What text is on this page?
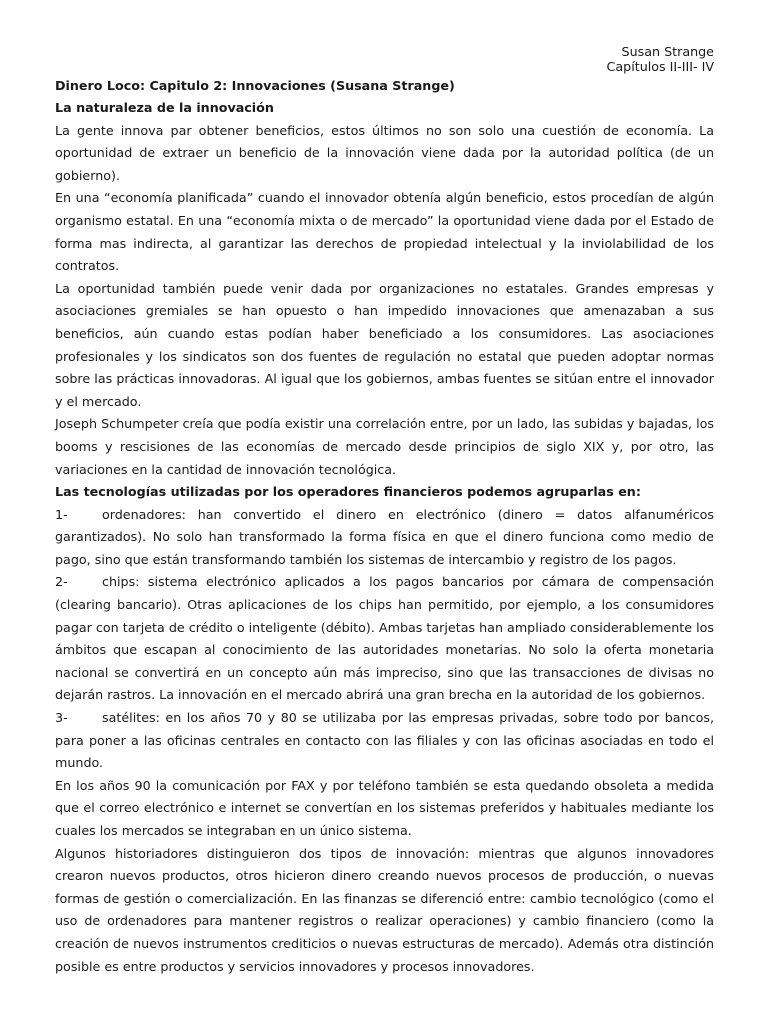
Susan Strange
Capítulos II-III- IV
Dinero Loco: Capitulo 2: Innovaciones (Susana Strange)
La naturaleza de la innovación

La gente innova par obtener beneficios, estos últimos no son solo una cuestión de economía. La oportunidad de extraer un beneficio de la innovación viene dada por la autoridad política (de un gobierno).

En una “economía planificada” cuando el innovador obtenía algún beneficio, estos procedían de algún organismo estatal. En una “economía mixta o de mercado” la oportunidad viene dada por el Estado de forma mas indirecta, al garantizar las derechos de propiedad intelectual y la inviolabilidad de los contratos.

La oportunidad también puede venir dada por organizaciones no estatales. Grandes empresas y asociaciones gremiales se han opuesto o han impedido innovaciones que amenazaban a sus beneficios, aún cuando estas podían haber beneficiado a los consumidores. Las asociaciones profesionales y los sindicatos son dos fuentes de regulación no estatal que pueden adoptar normas sobre las prácticas innovadoras. Al igual que los gobiernos, ambas fuentes se sitúan entre el innovador y el mercado.

Joseph Schumpeter creía que podía existir una correlación entre, por un lado, las subidas y bajadas, los booms y rescisiones de las economías de mercado desde principios de siglo XIX y, por otro, las variaciones en la cantidad de innovación tecnológica.

Las tecnologías utilizadas por los operadores financieros podemos agruparlas en:
1-	ordenadores: han convertido el dinero en electrónico (dinero = datos alfanuméricos garantizados). No solo han transformado la forma física en que el dinero funciona como medio de pago, sino que están transformando también los sistemas de intercambio y registro de los pagos.
2-	chips: sistema electrónico aplicados a los pagos bancarios por cámara de compensación (clearing bancario). Otras aplicaciones de los chips han permitido, por ejemplo, a los consumidores pagar con tarjeta de crédito o inteligente (débito). Ambas tarjetas han ampliado considerablemente los ámbitos que escapan al conocimiento de las autoridades monetarias. No solo la oferta monetaria nacional se convertirá en un concepto aún más impreciso, sino que las transacciones de divisas no dejarán rastros. La innovación en el mercado abrirá una gran brecha en la autoridad de los gobiernos.
3-	satélites: en los años 70 y 80 se utilizaba por las empresas privadas, sobre todo por bancos, para poner a las oficinas centrales en contacto con las filiales y con las oficinas asociadas en todo el mundo.

En los años 90 la comunicación por FAX y por teléfono también se esta quedando obsoleta a medida que el correo electrónico e internet se convertían en los sistemas preferidos y habituales mediante los cuales los mercados se integraban en un único sistema.

Algunos historiadores distinguieron dos tipos de innovación: mientras que algunos innovadores crearon nuevos productos, otros hicieron dinero creando nuevos procesos de producción, o nuevas formas de gestión o comercialización. En las finanzas se diferenció entre: cambio tecnológico (como el uso de ordenadores para mantener registros o realizar operaciones) y cambio financiero (como la creación de nuevos instrumentos crediticios o nuevas estructuras de mercado). Además otra distinción posible es entre productos y servicios innovadores y procesos innovadores.
